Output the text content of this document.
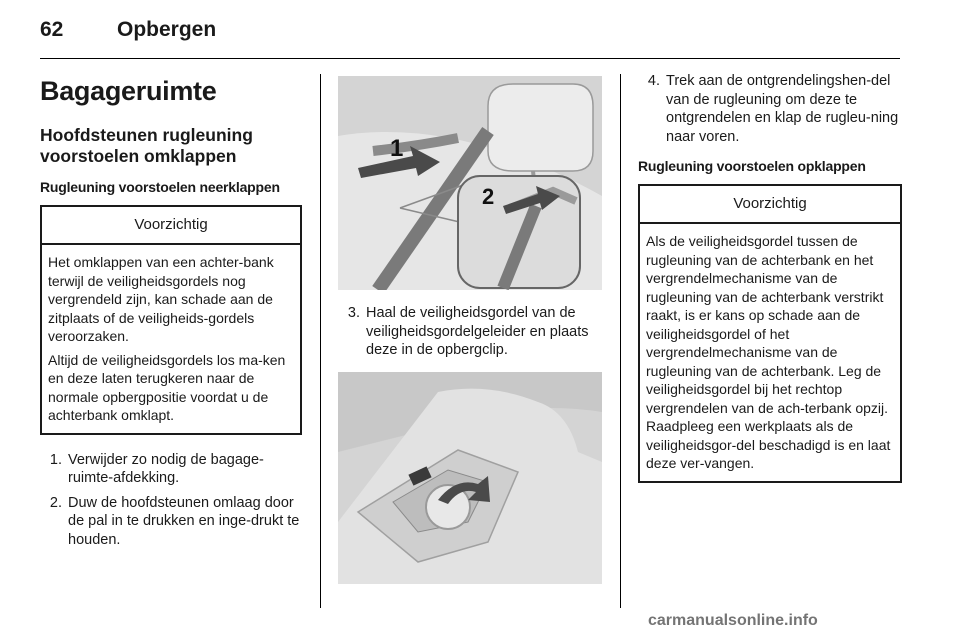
62	Opbergen
Bagageruimte
Hoofdsteunen rugleuning voorstoelen omklappen
Rugleuning voorstoelen neerklappen
Voorzichtig

Het omklappen van een achter-bank terwijl de veiligheidsgordels nog vergrendeld zijn, kan schade aan de zitplaats of de veiligheids-gordels veroorzaken.

Altijd de veiligheidsgordels los ma-ken en deze laten terugkeren naar de normale opbergpositie voordat u de achterbank omklapt.

1. Verwijder zo nodig de bagage-ruimte-afdekking.
2. Duw de hoofdsteunen omlaag door de pal in te drukken en inge-drukt te houden.
1
2
3. Haal de veiligheidsgordel van de veiligheidsgordelgeleider en plaats deze in de opbergclip.
4. Trek aan de ontgrendelingshen-del van de rugleuning om deze te ontgrendelen en klap de rugleu-ning naar voren.
Rugleuning voorstoelen opklappen
Voorzichtig

Als de veiligheidsgordel tussen de rugleuning van de achterbank en het vergrendelmechanisme van de rugleuning van de achterbank verstrikt raakt, is er kans op schade aan de veiligheidsgordel of het vergrendelmechanisme van de rugleuning van de achterbank. Leg de veiligheidsgordel bij het rechtop vergrendelen van de ach-terbank opzij. Raadpleeg een werkplaats als de veiligheidsgor-del beschadigd is en laat deze ver-vangen.

carmanualsonline.info
